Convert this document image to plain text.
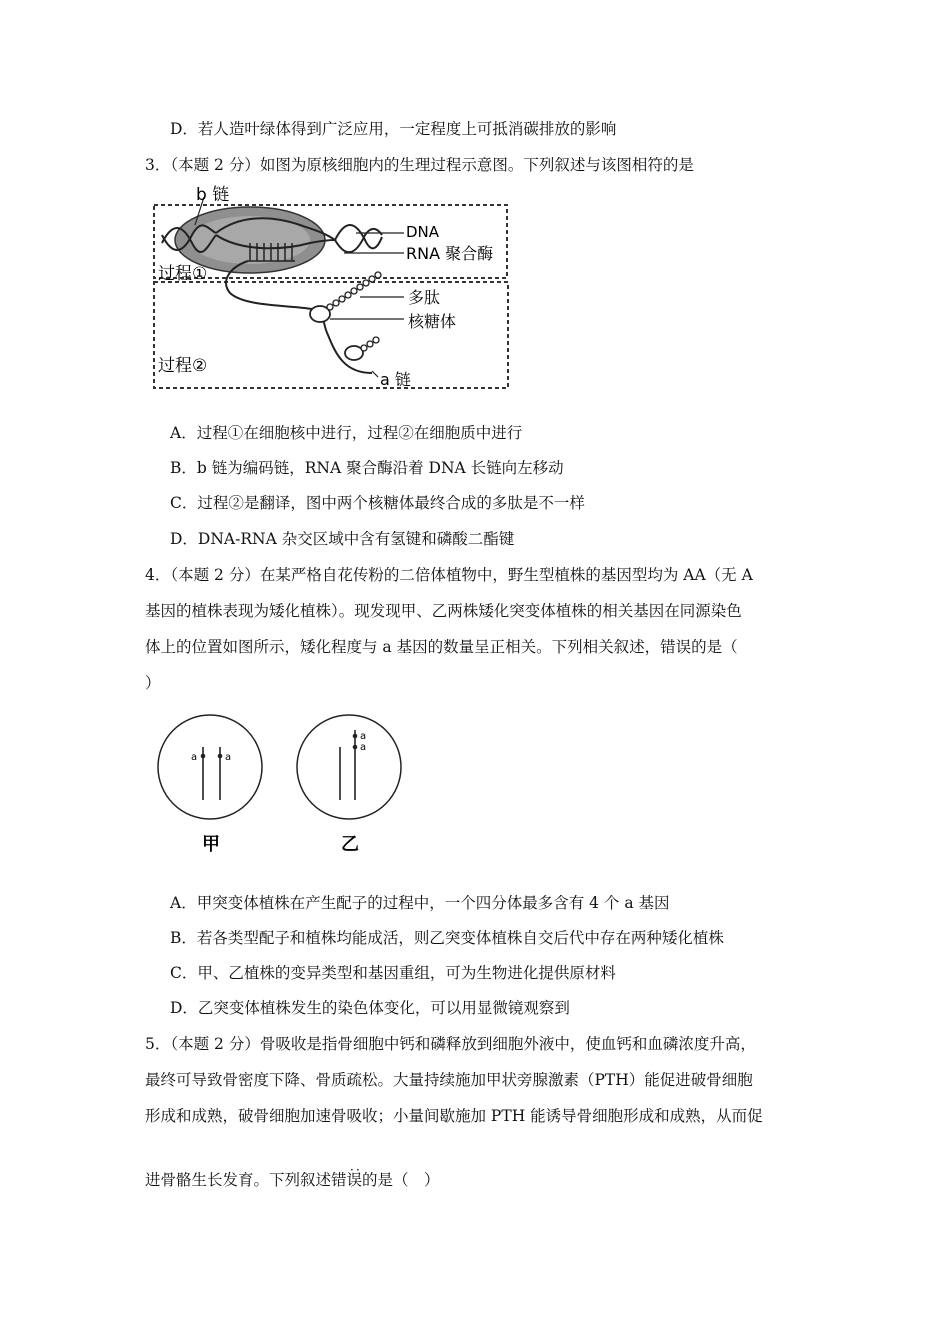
D．若人造叶绿体得到广泛应用，一定程度上可抵消碳排放的影响
3．（本题 2 分）如图为原核细胞内的生理过程示意图。下列叙述与该图相符的是
b 链
DNA
RNA 聚合酶
过程①
多肽
核糖体
过程②
a 链
A．过程①在细胞核中进行，过程②在细胞质中进行
B．b 链为编码链，RNA 聚合酶沿着 DNA 长链向左移动
C．过程②是翻译，图中两个核糖体最终合成的多肽是不一样
D．DNA-RNA 杂交区域中含有氢键和磷酸二酯键
4．（本题 2 分）在某严格自花传粉的二倍体植物中，野生型植株的基因型均为 AA（无 A
基因的植株表现为矮化植株）。现发现甲、乙两株矮化突变体植株的相关基因在同源染色
体上的位置如图所示，矮化程度与 a 基因的数量呈正相关。下列相关叙述，错误的是（
）
a	a
甲
a
a
乙
A．甲突变体植株在产生配子的过程中，一个四分体最多含有 4 个 a 基因
B．若各类型配子和植株均能成活，则乙突变体植株自交后代中存在两种矮化植株
C．甲、乙植株的变异类型和基因重组，可为生物进化提供原材料
D．乙突变体植株发生的染色体变化，可以用显微镜观察到
5．（本题 2 分）骨吸收是指骨细胞中钙和磷释放到细胞外液中，使血钙和血磷浓度升高，
最终可导致骨密度下降、骨质疏松。大量持续施加甲状旁腺激素（PTH）能促进破骨细胞
形成和成熟，破骨细胞加速骨吸收；小量间歇施加 PTH 能诱导骨细胞形成和成熟，从而促
．．
进骨骼生长发育。下列叙述错误的是（　）
